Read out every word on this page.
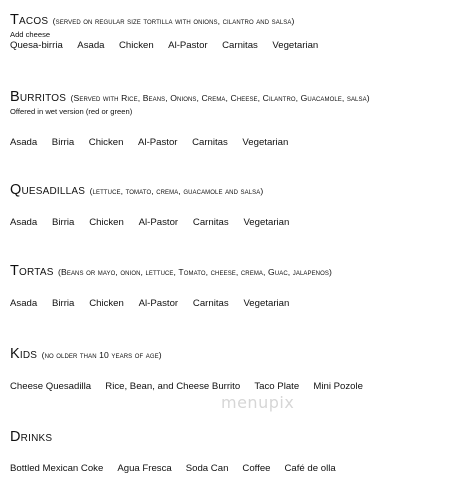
Tacos (served on regular size tortilla with onions, cilantro and salsa)
Add cheese
Quesa-birria Asada Chicken Al-Pastor Carnitas Vegetarian
Burritos (Served with Rice, Beans, Onions, Crema, Cheese, Cilantro, Guacamole, salsa)
Offered in wet version (red or green)
Asada Birria Chicken Al-Pastor Carnitas Vegetarian
Quesadillas (lettuce, tomato, crema, guacamole and salsa)
Asada Birria Chicken Al-Pastor Carnitas Vegetarian
Tortas (Beans or mayo, onion, lettuce, Tomato, cheese, crema, Guac, jalapenos)
Asada Birria Chicken Al-Pastor Carnitas Vegetarian
Kids (no older than 10 years of age)
Cheese Quesadilla Rice, Bean, and Cheese Burrito Taco Plate Mini Pozole
Drinks
Bottled Mexican Coke Agua Fresca Soda Can Coffee Café de olla
menupix
